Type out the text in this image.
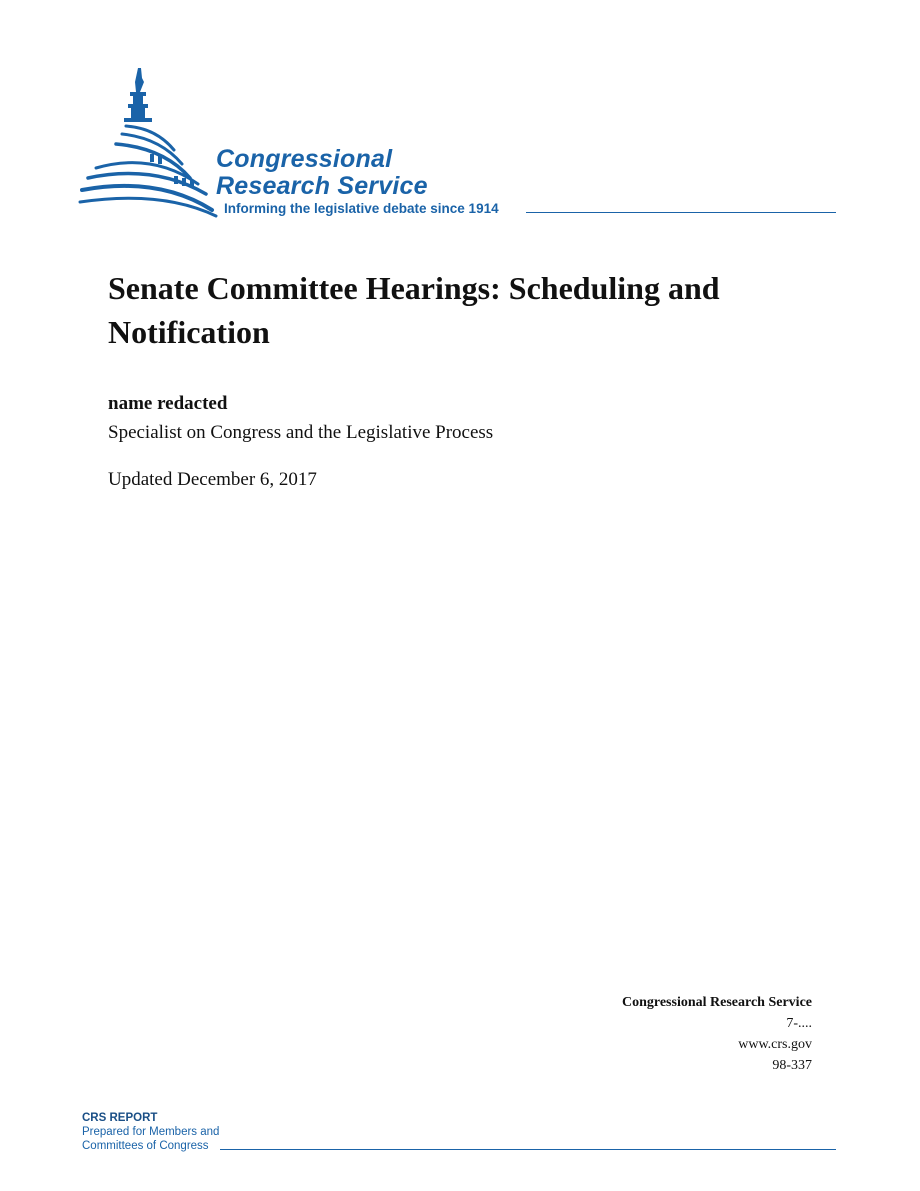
Congressional
Research Service
Informing the legislative debate since 1914
Senate Committee Hearings: Scheduling and Notification
name redacted
Specialist on Congress and the Legislative Process
Updated December 6, 2017
Congressional Research Service
7-....
www.crs.gov
98-337
CRS REPORT
Prepared for Members and
Committees of Congress
